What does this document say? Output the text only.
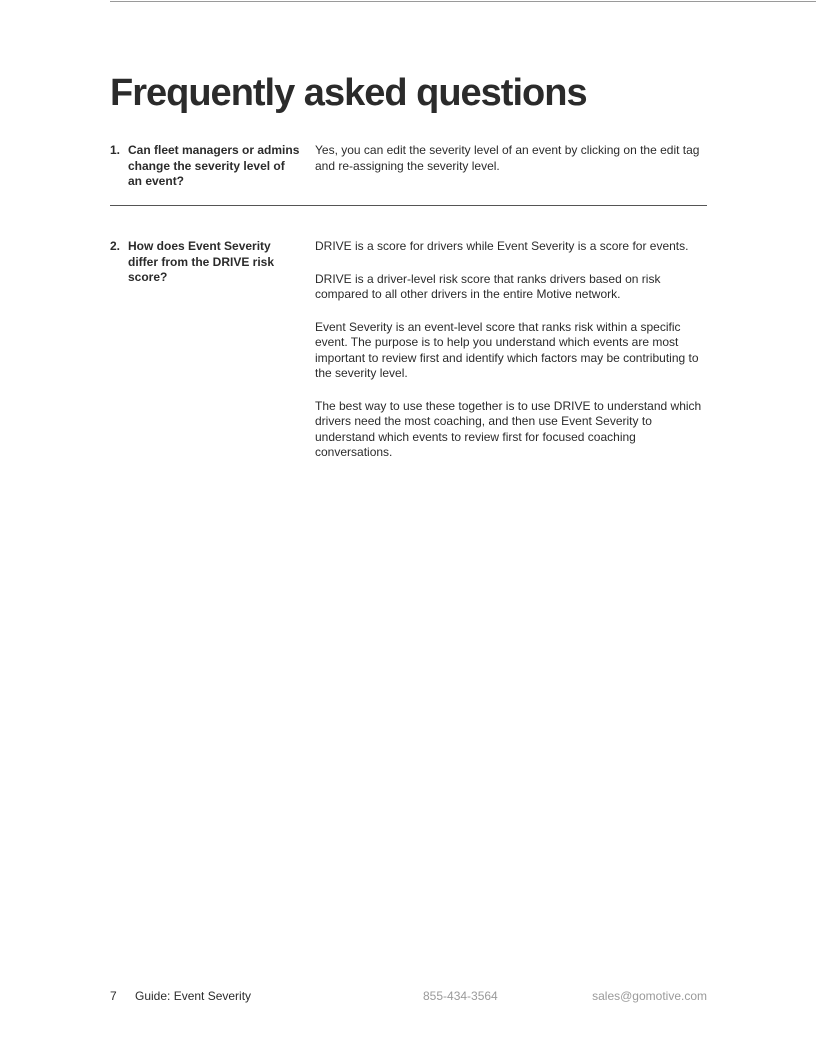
Frequently asked questions
1. Can fleet managers or admins change the severity level of an event?

Yes, you can edit the severity level of an event by clicking on the edit tag and re-assigning the severity level.

2. How does Event Severity differ from the DRIVE risk score?

DRIVE is a score for drivers while Event Severity is a score for events.

DRIVE is a driver-level risk score that ranks drivers based on risk compared to all other drivers in the entire Motive network.

Event Severity is an event-level score that ranks risk within a specific event. The purpose is to help you understand which events are most important to review first and identify which factors may be contributing to the severity level.

The best way to use these together is to use DRIVE to understand which drivers need the most coaching, and then use Event Severity to understand which events to review first for focused coaching conversations.

7 Guide: Event Severity	855-434-3564	sales@gomotive.com
